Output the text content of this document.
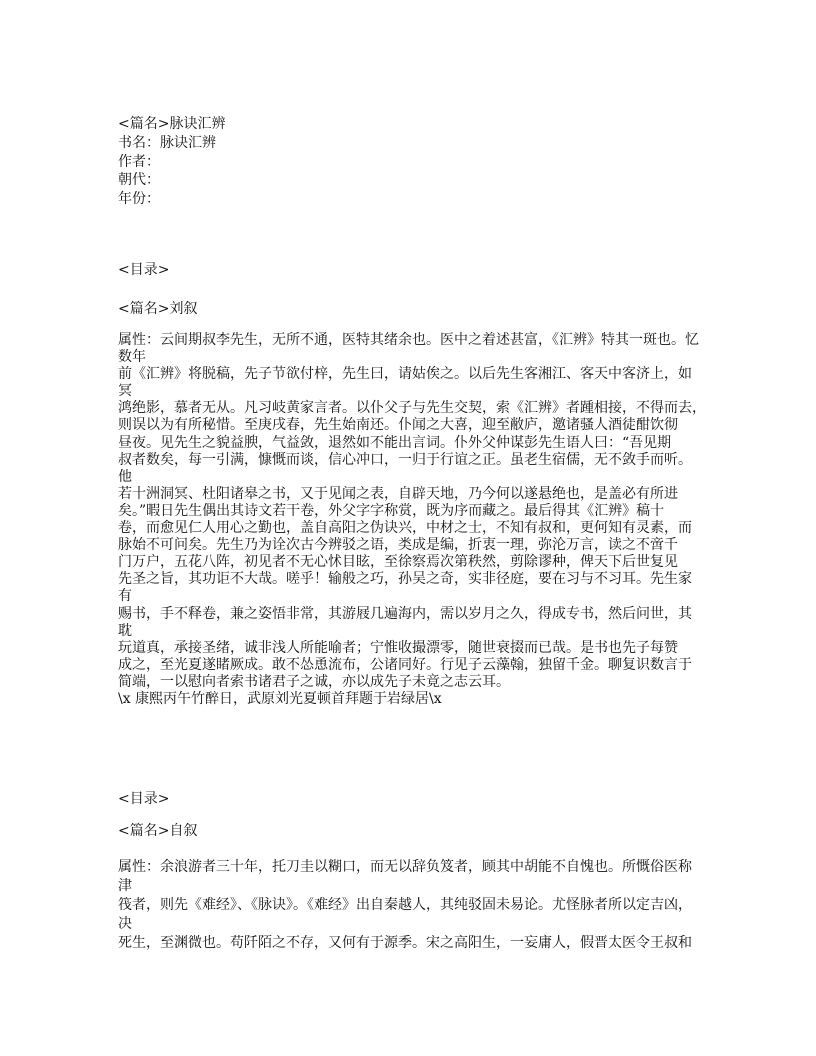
<篇名>脉诀汇辨
书名：脉诀汇辨
作者：
朝代：
年份：
<目录>
<篇名>刘叙
属性：云间期叔李先生，无所不通，医特其绪余也。医中之着述甚富，《汇辨》特其一斑也。忆
数年
前《汇辨》将脱稿，先子节欲付梓，先生曰，请姑俟之。以后先生客湘江、客天中客济上，如
冥
鸿绝影，慕者无从。凡习岐黄家言者。以仆父子与先生交契，索《汇辨》者踵相接，不得而去，
则误以为有所秘惜。至庚戌春，先生始南还。仆闻之大喜，迎至敝庐，邀诸骚人酒徒酣饮彻
昼夜。见先生之貌益腴，气益敛，退然如不能出言词。仆外父仲谋彭先生语人曰：“吾见期
叔者数矣，每一引满，慷慨而谈，信心冲口，一归于行谊之正。虽老生宿儒，无不敛手而听。
他
若十洲洞冥、杜阳诸皋之书，又于见闻之表，自辟天地，乃今何以遂悬绝也，是盖必有所进
矣。”暇日先生偶出其诗文若干卷，外父字字称赏，既为序而藏之。最后得其《汇辨》稿十
卷，而愈见仁人用心之勤也，盖自高阳之伪诀兴，中材之士，不知有叔和，更何知有灵素，而
脉始不可问矣。先生乃为诠次古今辨驳之语，类成是编，折衷一理，弥沦万言，读之不啻千
门万户，五花八阵，初见者不无心怵目眩，至徐察焉次第秩然，剪除谬种，俾天下后世复见
先圣之旨，其功讵不大哉。嗟乎！输般之巧，孙吴之奇，实非径庭，要在习与不习耳。先生家
有
赐书，手不释卷，兼之姿悟非常，其游屐几遍海内，需以岁月之久，得成专书，然后问世，其
耽
玩道真，承接圣绪，诚非浅人所能喻者；宁惟收撮漂零，随世衰掇而已哉。是书也先子每赞
成之，至光夏遂睹厥成。敢不怂恿流布，公诸同好。行见子云藻翰，独留千金。聊复识数言于
简端，一以慰向者索书诸君子之诚，亦以成先子未竟之志云耳。
\x 康熙丙午竹醉日，武原刘光夏顿首拜题于岩绿居\x
<目录>
<篇名>自叙
属性：余浪游者三十年，托刀圭以糊口，而无以辞负笈者，顾其中胡能不自愧也。所慨俗医称
津
筏者，则先《难经》、《脉诀》。《难经》出自秦越人，其纯驳固未易论。尤怪脉者所以定吉凶，
决
死生，至渊微也。苟阡陌之不存，又何有于源季。宋之高阳生，一妄庸人，假晋太医令王叔和
